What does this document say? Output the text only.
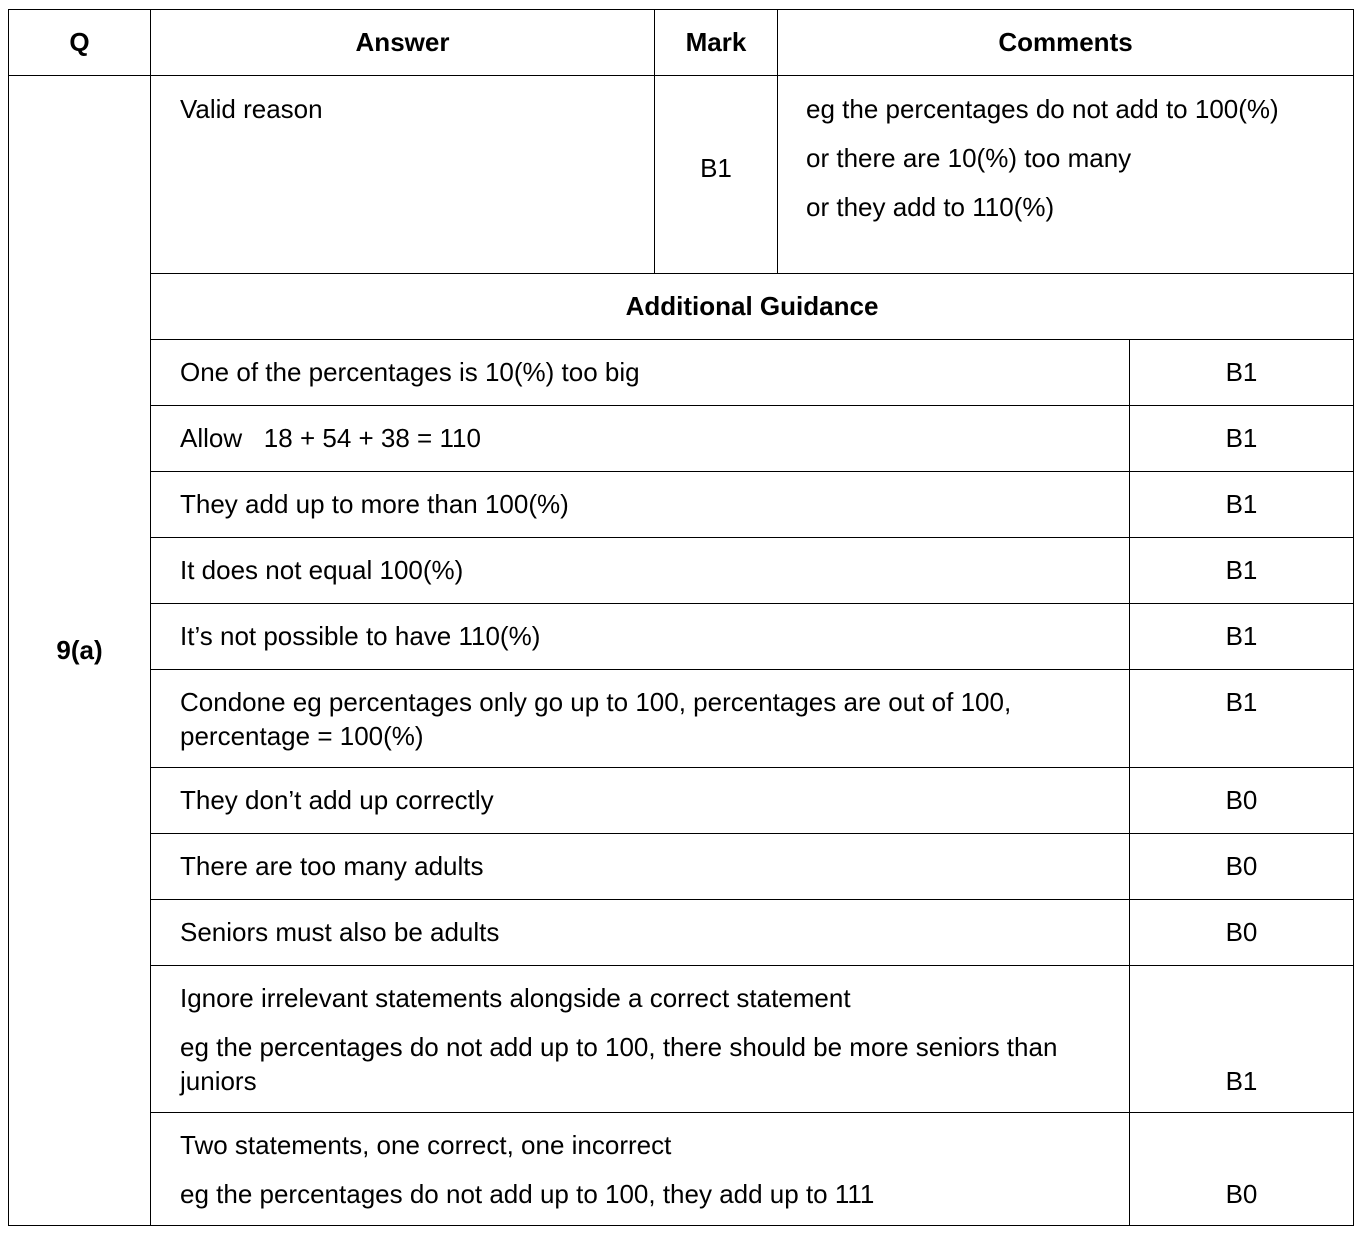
Q	Answer	Mark	Comments	
9(a)	Valid reason	B1	eg the percentages do not add to 100(%)

or there are 10(%) too many

or they add to 110(%)	

	Additional Guidance			

	One of the percentages is 10(%) too big			B1

	Allow   18 + 54 + 38 = 110			B1

	They add up to more than 100(%)			B1

	It does not equal 100(%)			B1

	It’s not possible to have 110(%)			B1

	Condone eg percentages only go up to 100, percentages are out of 100, percentage = 100(%)			B1

	They don’t add up correctly			B0

	There are too many adults			B0

	Seniors must also be adults			B0

	Ignore irrelevant statements alongside a correct statement

eg the percentages do not add up to 100, there should be more seniors than juniors			B1

	Two statements, one correct, one incorrect

eg the percentages do not add up to 100, they add up to 111			B0
